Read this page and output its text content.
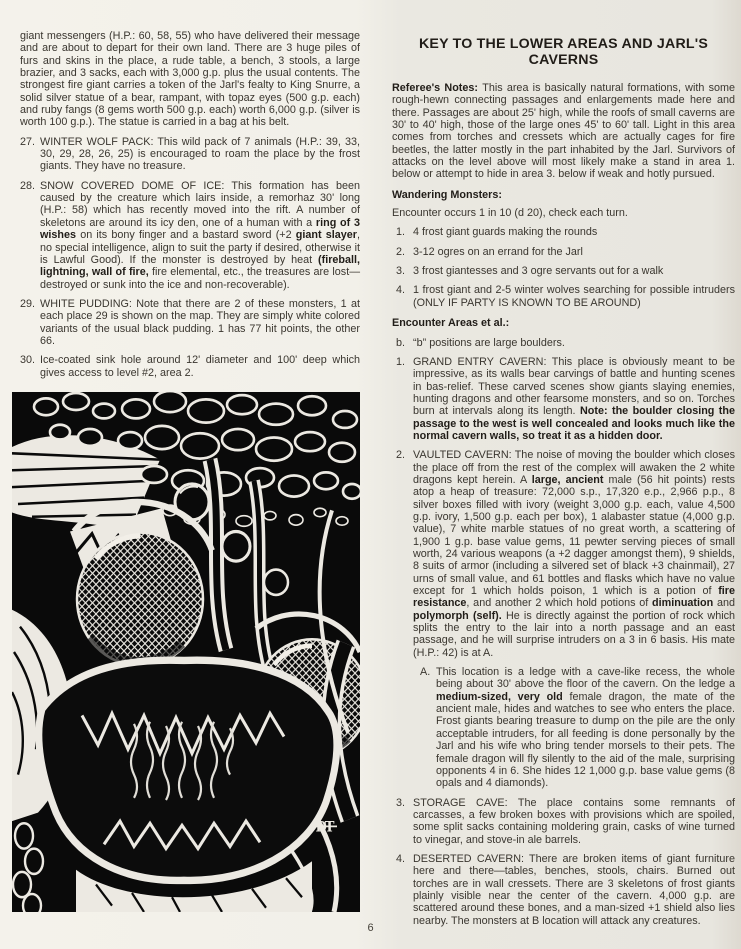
giant messengers (H.P.: 60, 58, 55) who have delivered their message and are about to depart for their own land. There are 3 huge piles of furs and skins in the place, a rude table, a bench, 3 stools, a large brazier, and 3 sacks, each with 3,000 g.p. plus the usual contents. The strongest fire giant carries a token of the Jarl's fealty to King Snurre, a solid silver statue of a bear, rampant, with topaz eyes (500 g.p. each) and ruby fangs (8 gems worth 500 g.p. each) worth 6,000 g.p. (silver is worth 100 g.p.). The statue is carried in a bag at his belt.

27. WINTER WOLF PACK: This wild pack of 7 animals (H.P.: 39, 33, 30, 29, 28, 26, 25) is encouraged to roam the place by the frost giants. They have no treasure.

28. SNOW COVERED DOME OF ICE: This formation has been caused by the creature which lairs inside, a remorhaz 30' long (H.P.: 58) which has recently moved into the rift. A number of skeletons are around its icy den, one of a human with a ring of 3 wishes on its bony finger and a bastard sword (+2 giant slayer, no special intelligence, align to suit the party if desired, otherwise it is Lawful Good). If the monster is destroyed by heat (fireball, lightning, wall of fire, fire elemental, etc., the treasures are lost—destroyed or sunk into the ice and non-recoverable).

29. WHITE PUDDING: Note that there are 2 of these monsters, 1 at each place 29 is shown on the map. They are simply white colored variants of the usual black pudding. 1 has 77 hit points, the other 66.

30. Ice-coated sink hole around 12' diameter and 100' deep which gives access to level #2, area 2.

DT
KEY TO THE LOWER AREAS AND JARL'S CAVERNS

Referee's Notes: This area is basically natural formations, with some rough-hewn connecting passages and enlargements made here and there. Passages are about 25' high, while the roofs of small caverns are 30' to 40' high, those of the large ones 45' to 60' tall. Light in this area comes from torches and cressets which are actually cages for fire beetles, the latter mostly in the part inhabited by the Jarl. Survivors of attacks on the level above will most likely make a stand in area 1. below or attempt to hide in area 3. below if weak and hotly pursued.

Wandering Monsters:

Encounter occurs 1 in 10 (d 20), check each turn.

1. 4 frost giant guards making the rounds

2. 3-12 ogres on an errand for the Jarl

3. 3 frost giantesses and 3 ogre servants out for a walk

4. 1 frost giant and 2-5 winter wolves searching for possible intruders (ONLY IF PARTY IS KNOWN TO BE AROUND)

Encounter Areas et al.:
b. “b” positions are large boulders.

1. GRAND ENTRY CAVERN: This place is obviously meant to be impressive, as its walls bear carvings of battle and hunting scenes in bas-relief. These carved scenes show giants slaying enemies, hunting dragons and other fearsome monsters, and so on. Torches burn at intervals along its length. Note: the boulder closing the passage to the west is well concealed and looks much like the normal cavern walls, so treat it as a hidden door.

2. VAULTED CAVERN: The noise of moving the boulder which closes the place off from the rest of the complex will awaken the 2 white dragons kept herein. A large, ancient male (56 hit points) rests atop a heap of treasure: 72,000 s.p., 17,320 e.p., 2,966 p.p., 8 silver boxes filled with ivory (weight 3,000 g.p. each, value 4,500 g.p. ivory, 1,500 g.p. each per box), 1 alabaster statue (4,000 g.p. value), 7 white marble statues of no great worth, a scattering of 1,900 1 g.p. base value gems, 11 pewter serving pieces of small worth, 24 various weapons (a +2 dagger amongst them), 9 shields, 8 suits of armor (including a silvered set of black +3 chainmail), 27 urns of small value, and 61 bottles and flasks which have no value except for 1 which holds poison, 1 which is a potion of fire resistance, and another 2 which hold potions of diminuation and polymorph (self). He is directly against the portion of rock which splits the entry to the lair into a north passage and an east passage, and he will surprise intruders on a 3 in 6 basis. His mate (H.P.: 42) is at A.

A. This location is a ledge with a cave-like recess, the whole being about 30' above the floor of the cavern. On the ledge a medium-sized, very old female dragon, the mate of the ancient male, hides and watches to see who enters the place. Frost giants bearing treasure to dump on the pile are the only acceptable intruders, for all feeding is done personally by the Jarl and his wife who bring tender morsels to their pets. The female dragon will fly silently to the aid of the male, surprising opponents 4 in 6. She hides 12 1,000 g.p. base value gems (8 opals and 4 diamonds).

3. STORAGE CAVE: The place contains some remnants of carcasses, a few broken boxes with provisions which are spoiled, some split sacks containing moldering grain, casks of wine turned to vinegar, and stove-in ale barrels.

4. DESERTED CAVERN: There are broken items of giant furniture here and there—tables, benches, stools, chairs. Burned out torches are in wall cressets. There are 3 skeletons of frost giants plainly visible near the center of the cavern. 4,000 g.p. are scattered around these bones, and a man-sized +1 shield also lies nearby. The monsters at B location will attack any creatures.

6
